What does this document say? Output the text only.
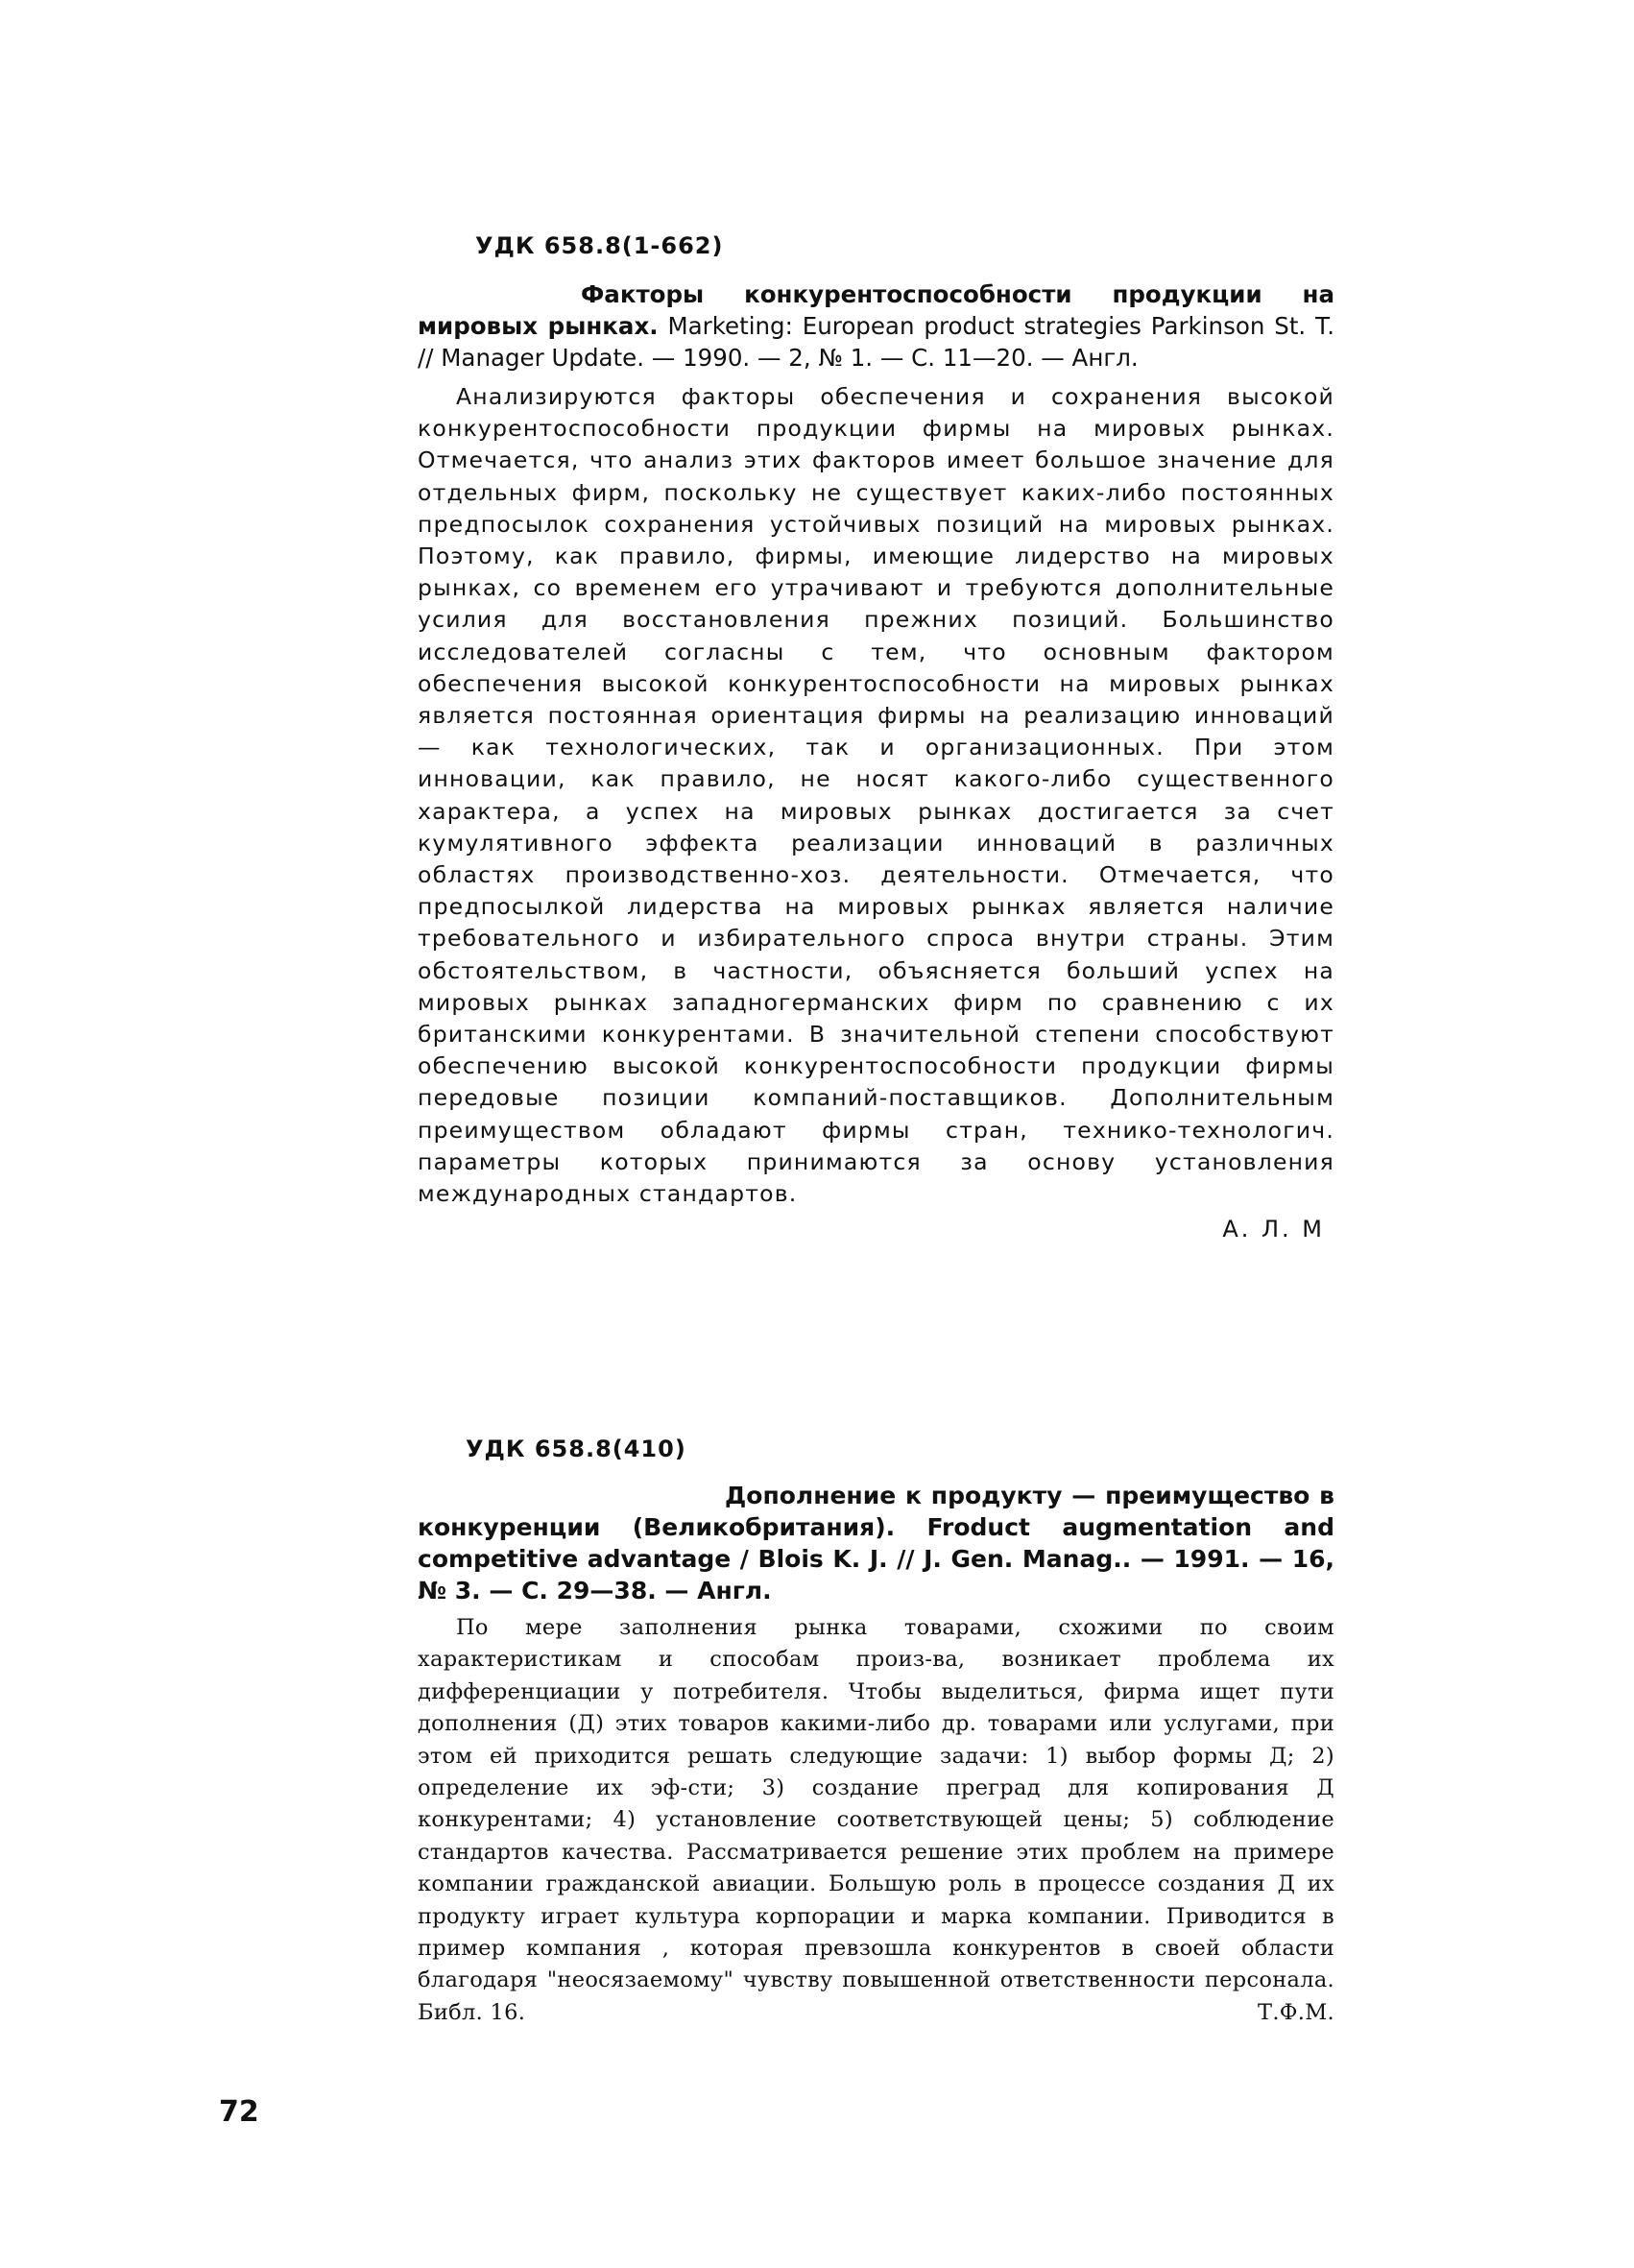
УДК 658.8(1-662)
Факторы конкурентоспособности продукции на мировых рынках. Marketing: European product strategies Parkinson St. T. // Manager Update. — 1990. — 2, № 1. — С. 11—20. — Англ.
Анализируются факторы обеспечения и сохранения высокой конкурентоспособности продукции фирмы на мировых рынках. Отмечается, что анализ этих факторов имеет большое значение для отдельных фирм, поскольку не существует каких-либо постоянных предпосылок сохранения устойчивых позиций на мировых рынках. Поэтому, как правило, фирмы, имеющие лидерство на мировых рынках, со временем его утрачивают и требуются дополнительные усилия для восстановления прежних позиций. Большинство исследователей согласны с тем, что основным фактором обеспечения высокой конкурентоспособности на мировых рынках является постоянная ориентация фирмы на реализацию инноваций — как технологических, так и организационных. При этом инновации, как правило, не носят какого-либо существенного характера, а успех на мировых рынках достигается за счет кумулятивного эффекта реализации инноваций в различных областях производственно-хоз. деятельности. Отмечается, что предпосылкой лидерства на мировых рынках является наличие требовательного и избирательного спроса внутри страны. Этим обстоятельством, в частности, объясняется больший успех на мировых рынках западногерманских фирм по сравнению с их британскими конкурентами. В значительной степени способствуют обеспечению высокой конкурентоспособности продукции фирмы передовые позиции компаний-поставщиков. Дополнительным преимуществом обладают фирмы стран, технико-технологич. параметры которых принимаются за основу установления международных стандартов.
А. Л. М
УДК 658.8(410)
Дополнение к продукту — преимущество в конкуренции (Великобритания). Froduct augmentation and competitive advantage / Blois K. J. // J. Gen. Manag.. — 1991. — 16, № 3. — С. 29—38. — Англ.
По мере заполнения рынка товарами, схожими по своим характеристикам и способам произ-ва, возникает проблема их дифференциации у потребителя. Чтобы выделиться, фирма ищет пути дополнения (Д) этих товаров какими-либо др. товарами или услугами, при этом ей приходится решать следующие задачи: 1) выбор формы Д; 2) определение их эф-сти; 3) создание преград для копирования Д конкурентами; 4) установление соответствующей цены; 5) соблюдение стандартов качества. Рассматривается решение этих проблем на примере компании гражданской авиации. Большую роль в процессе создания Д их продукту играет культура корпорации и марка компании. Приводится в пример компания , которая превзошла конкурентов в своей области благодаря "неосязаемому" чувству повышенной ответственности персонала. Библ. 16.	Т.Ф.М.
72
